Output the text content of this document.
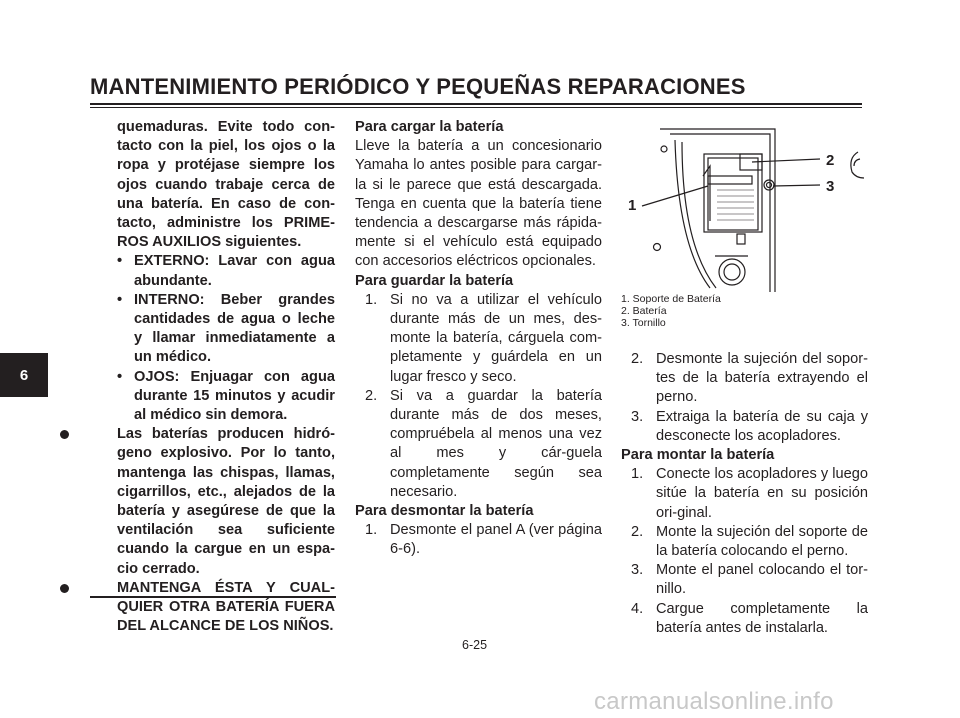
MANTENIMIENTO PERIÓDICO Y PEQUEÑAS REPARACIONES
6

quemaduras. Evite todo con-tacto con la piel, los ojos o la ropa y protéjase siempre los ojos cuando trabaje cerca de una batería. En caso de con-tacto, administre los PRIME-ROS AUXILIOS siguientes.

• EXTERNO: Lavar con agua abundante.
• INTERNO: Beber grandes cantidades de agua o leche y llamar inmediatamente a un médico.
• OJOS: Enjuagar con agua durante 15 minutos y acudir al médico sin demora.
Las baterías producen hidró-geno explosivo. Por lo tanto, mantenga las chispas, llamas, cigarrillos, etc., alejados de la batería y asegúrese de que la ventilación sea suficiente cuando la cargue en un espa-cio cerrado.
MANTENGA ÉSTA Y CUAL-QUIER OTRA BATERÍA FUERA DEL ALCANCE DE LOS NIÑOS.

Para cargar la batería

Lleve la batería a un concesionario Yamaha lo antes posible para cargar-la si le parece que está descargada. Tenga en cuenta que la batería tiene tendencia a descargarse más rápida-mente si el vehículo está equipado con accesorios eléctricos opcionales.

Para guardar la batería

1. Si no va a utilizar el vehículo durante más de un mes, des-monte la batería, cárguela com-pletamente y guárdela en un lugar fresco y seco.
2. Si va a guardar la batería durante más de dos meses, compruébela al menos una vez al mes y cár-guela completamente según sea necesario.

Para desmontar la batería

1. Desmonte el panel A (ver página 6-6).
1
2
3
1. Soporte de Batería
2. Batería
3. Tornillo
2. Desmonte la sujeción del sopor-tes de la batería extrayendo el perno.
3. Extraiga la batería de su caja y desconecte los acopladores.

Para montar la batería

1. Conecte los acopladores y luego sitúe la batería en su posición ori-ginal.
2. Monte la sujeción del soporte de la batería colocando el perno.
3. Monte el panel colocando el tor-nillo.
4. Cargue completamente la batería antes de instalarla.
6-25
carmanualsonline.info
